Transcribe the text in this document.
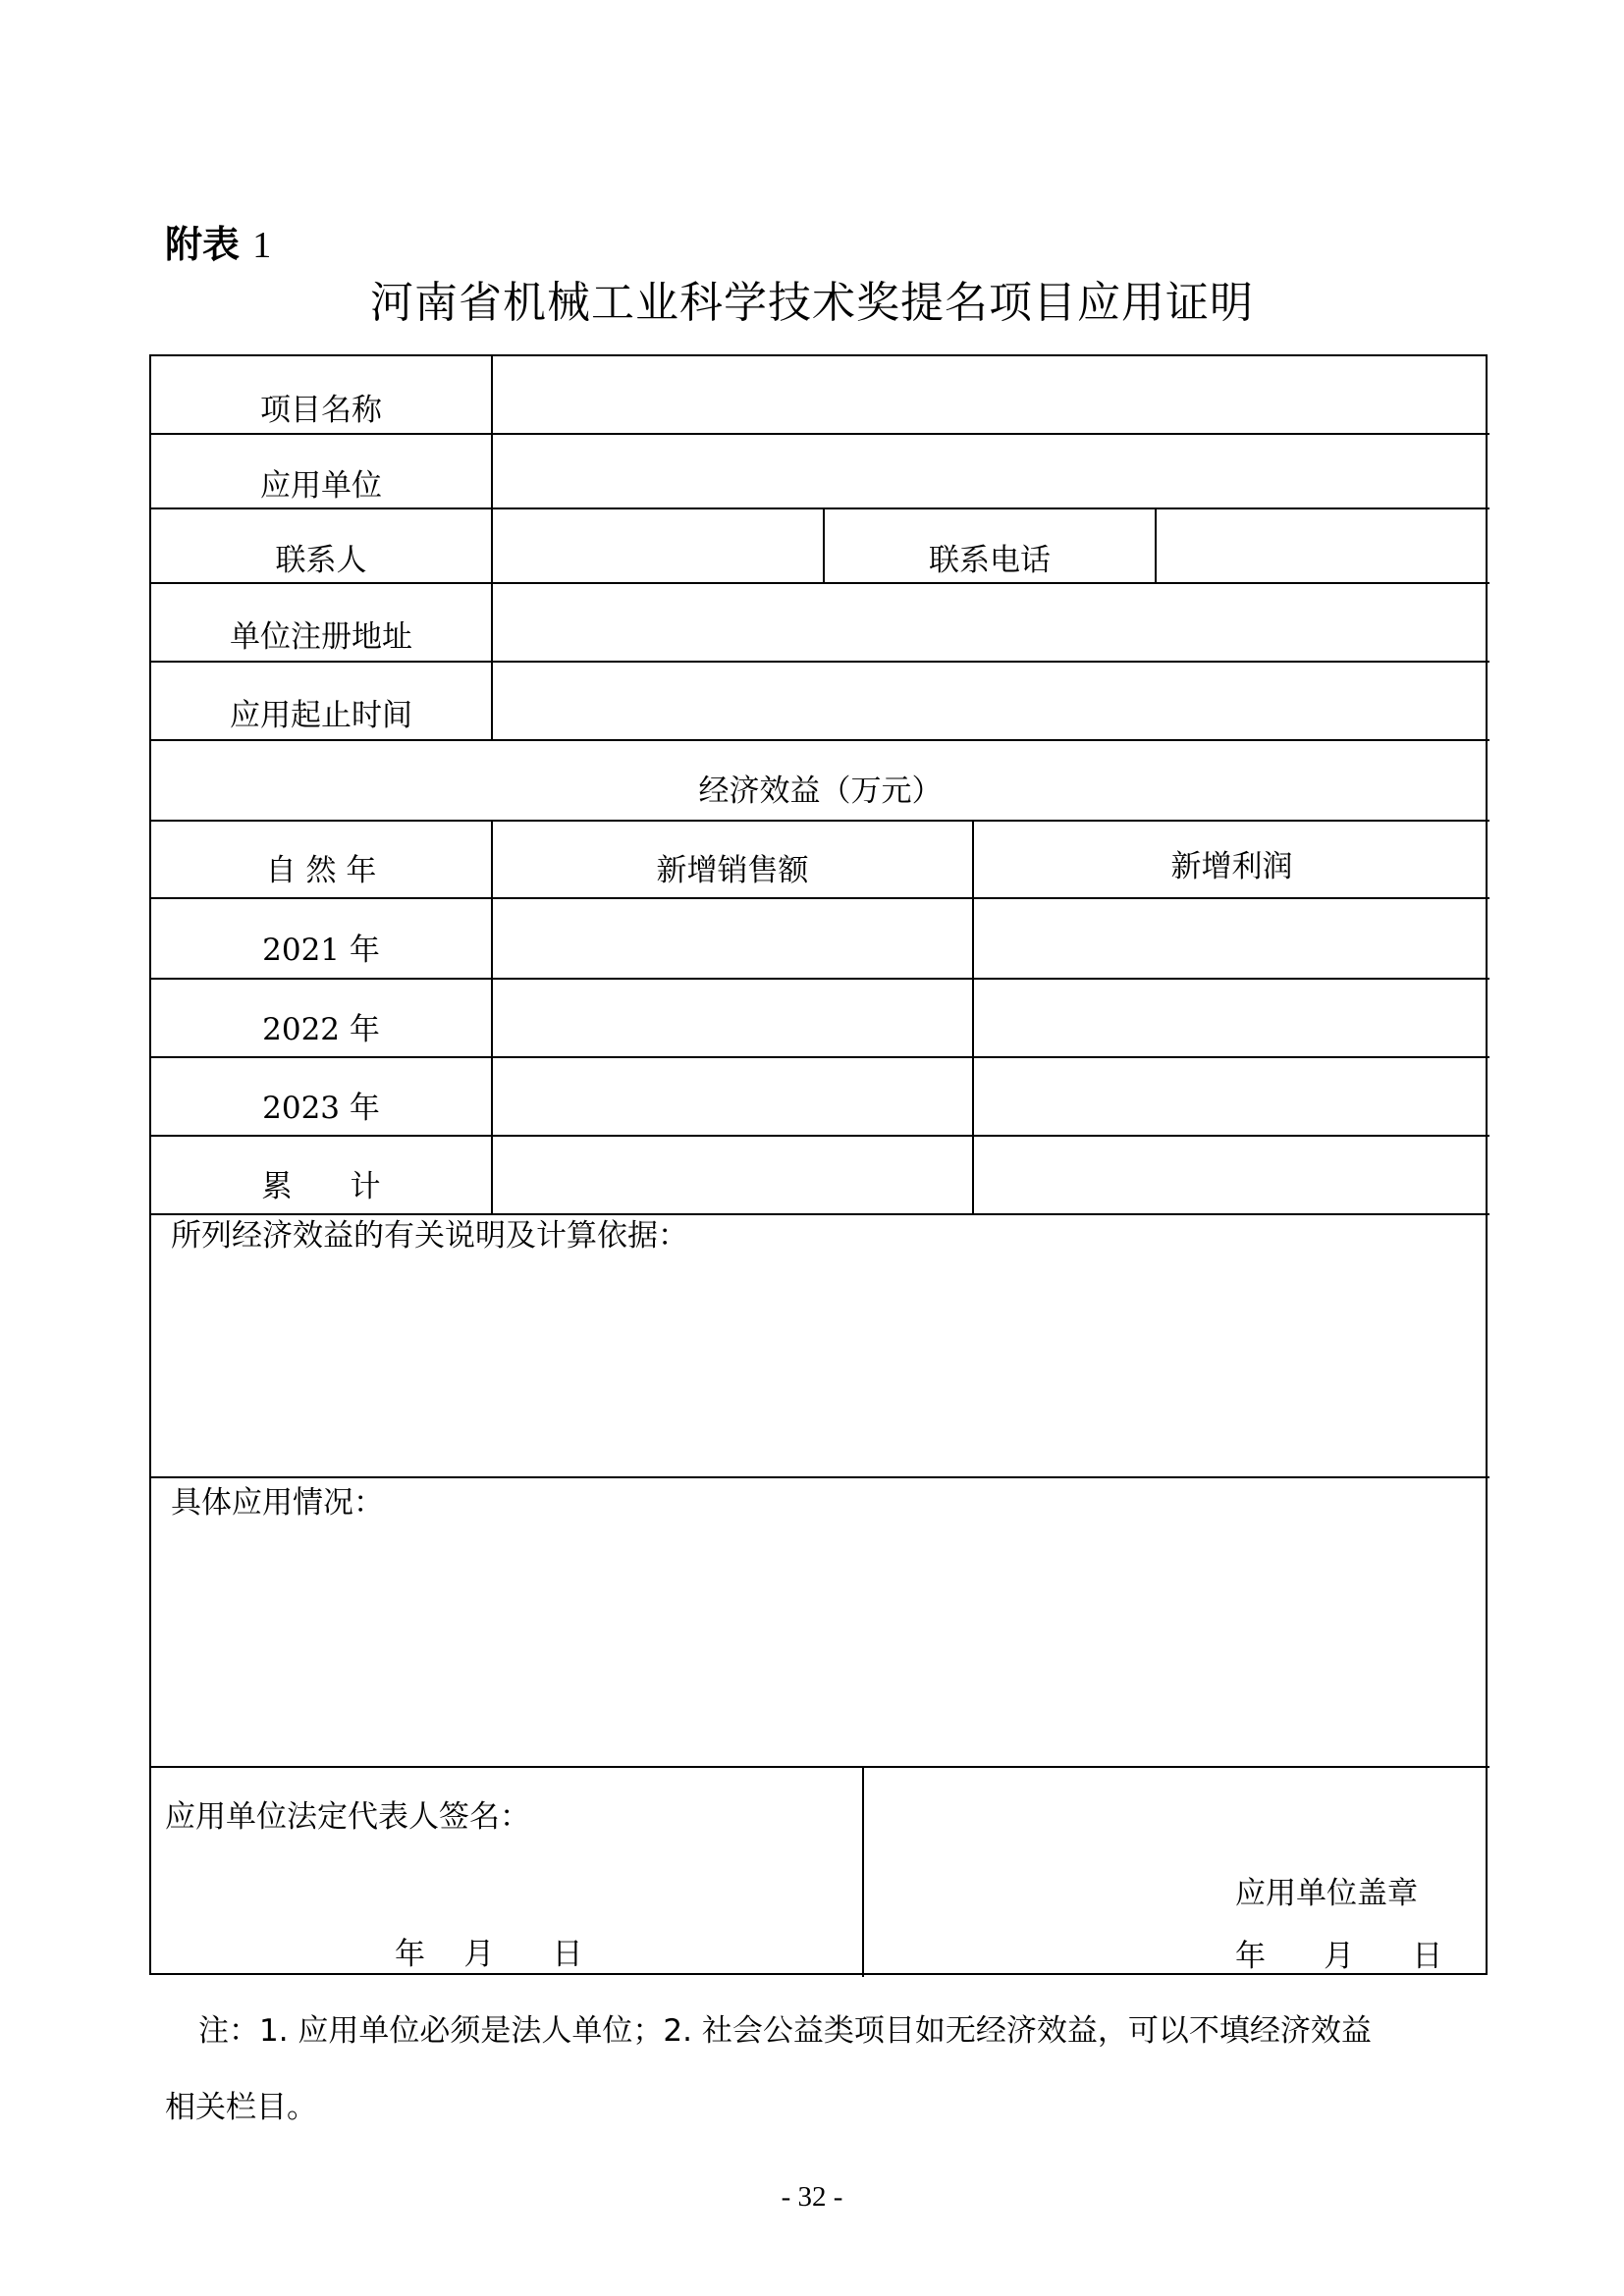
附表 1
河南省机械工业科学技术奖提名项目应用证明
项目名称
应用单位
联系人	联系电话
单位注册地址
应用起止时间
经济效益（万元）
自 然 年	新增销售额	新增利润
2021 年
2022 年
2023 年
累      计
所列经济效益的有关说明及计算依据：
具体应用情况：
应用单位法定代表人签名：
年    月      日
应用单位盖章
年      月      日
注：1. 应用单位必须是法人单位；2. 社会公益类项目如无经济效益，可以不填经济效益
相关栏目。
- 32 -
